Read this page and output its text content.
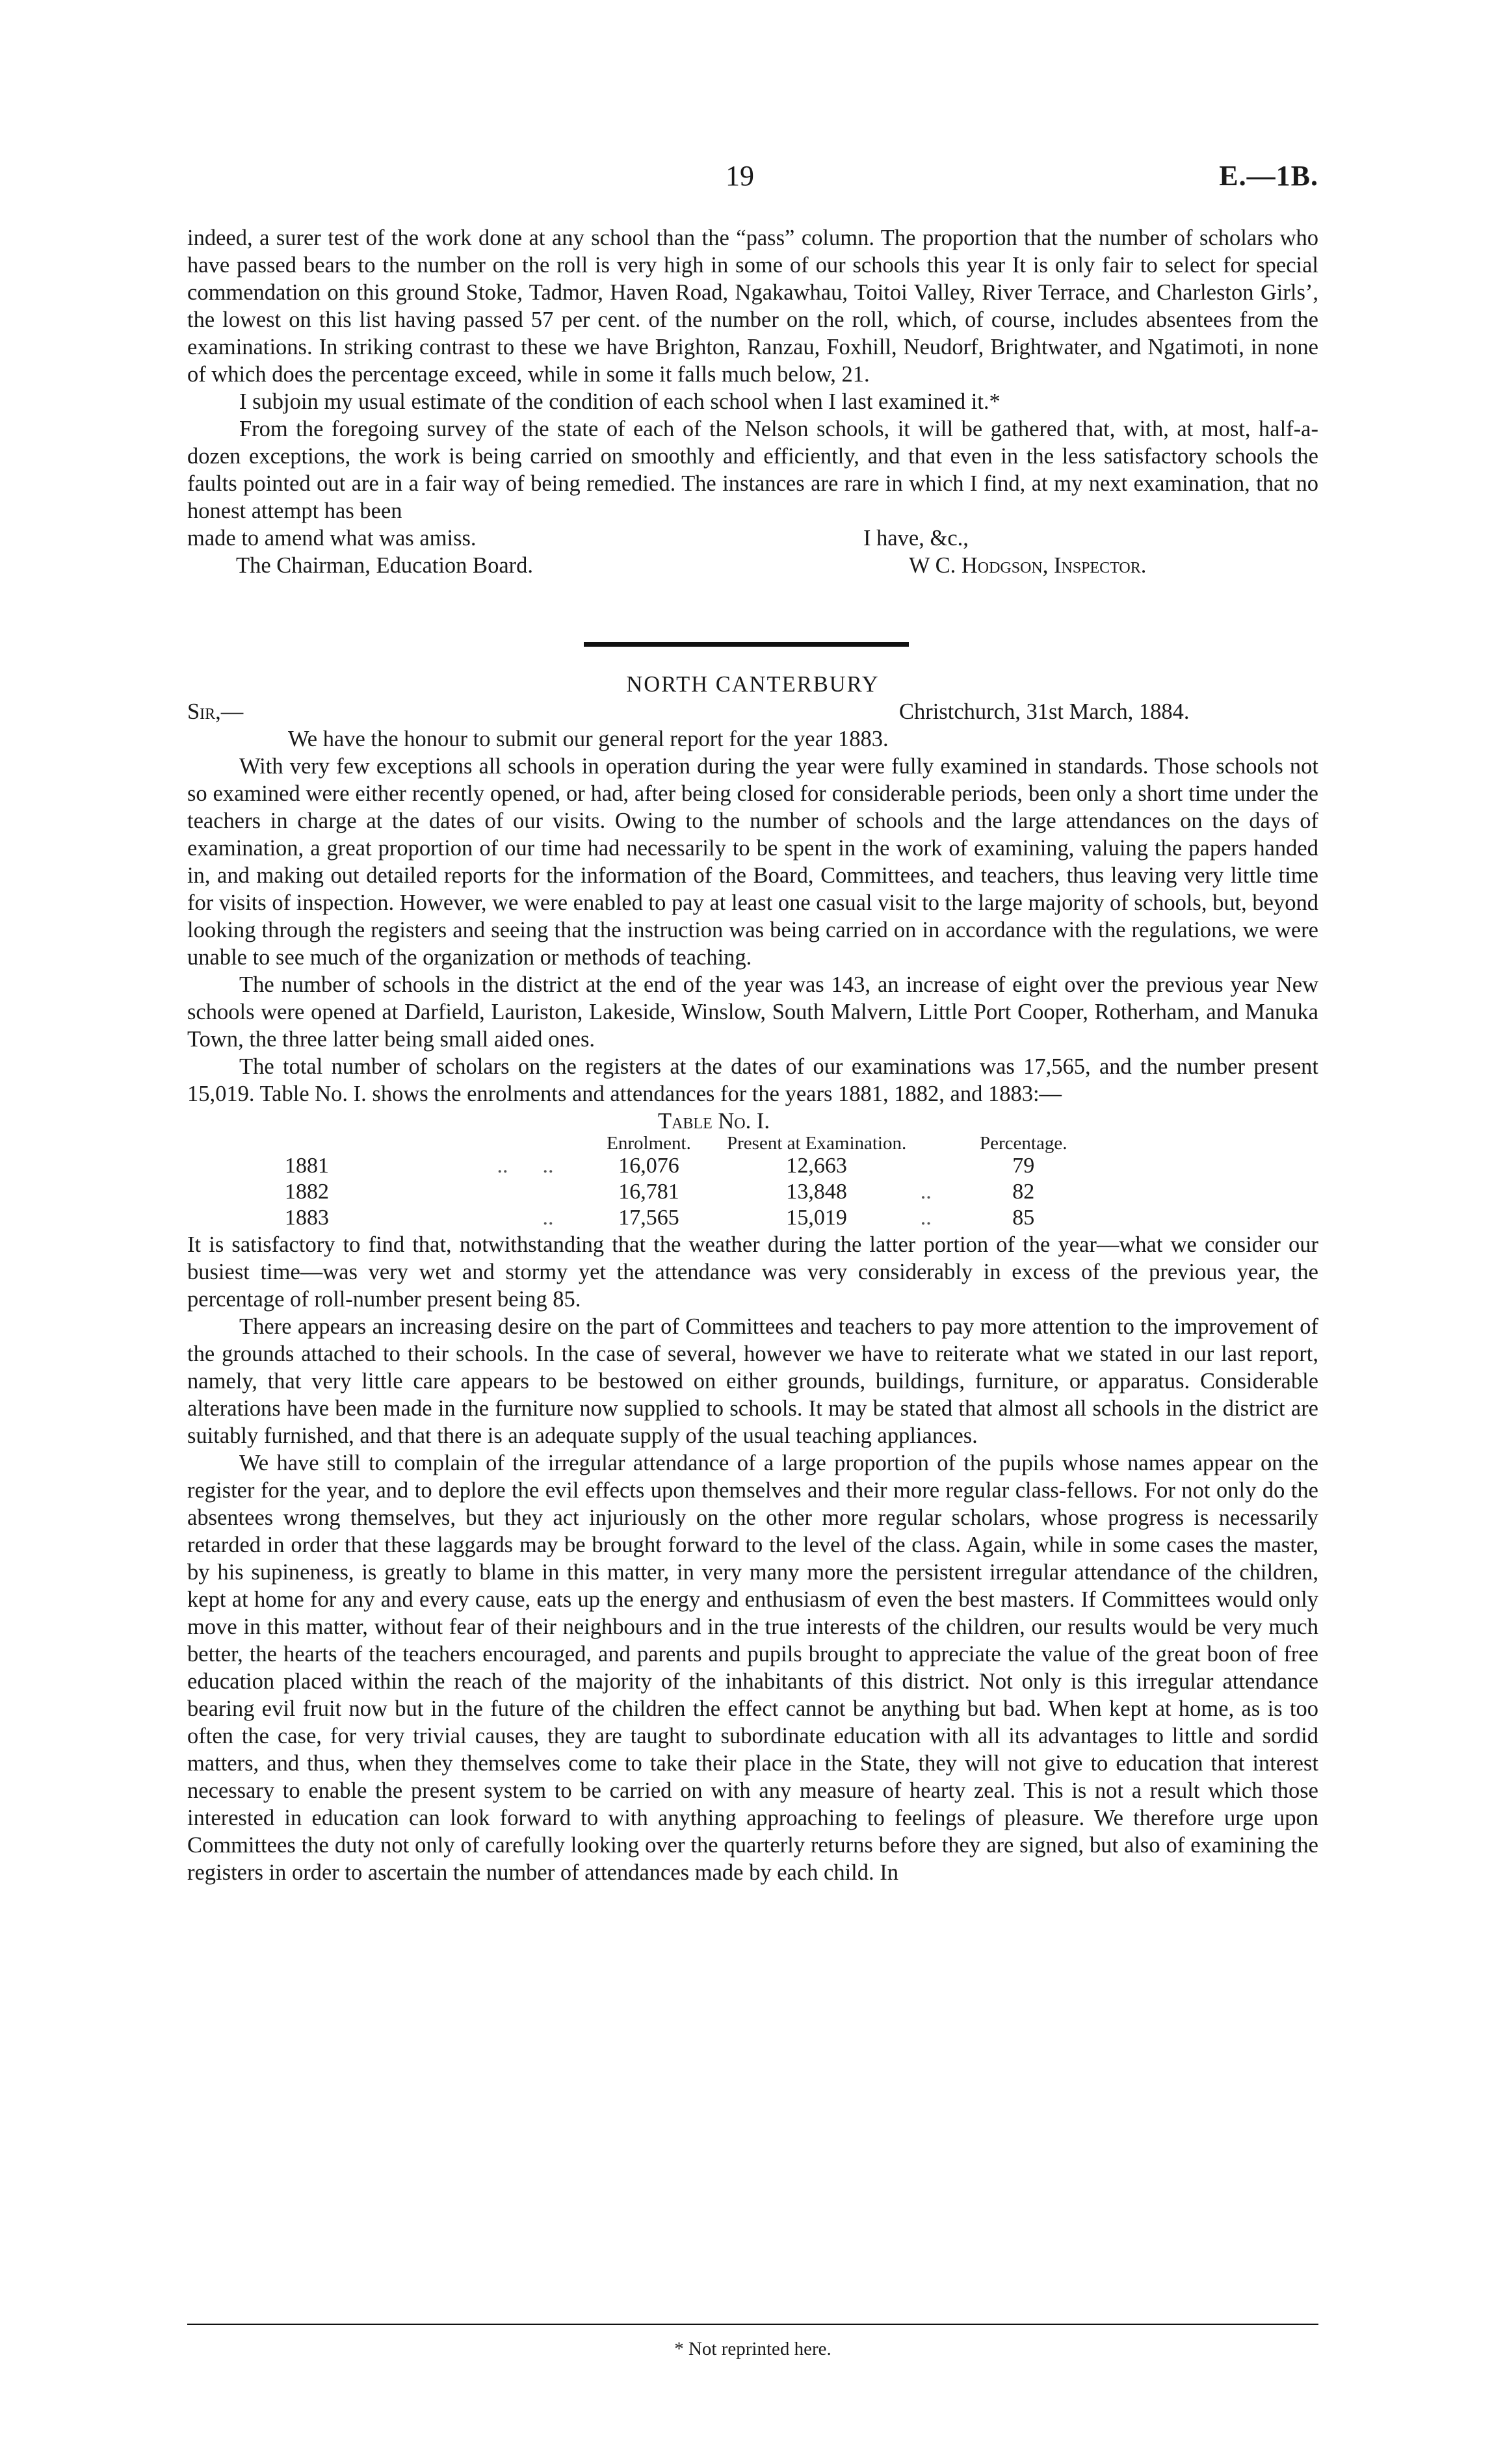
19	E.—1B.

indeed, a surer test of the work done at any school than the “pass” column. The proportion that the number of scholars who have passed bears to the number on the roll is very high in some of our schools this year It is only fair to select for special commendation on this ground Stoke, Tadmor, Haven Road, Ngakawhau, Toitoi Valley, River Terrace, and Charleston Girls’, the lowest on this list having passed 57 per cent. of the number on the roll, which, of course, includes absentees from the examinations. In striking contrast to these we have Brighton, Ranzau, Foxhill, Neudorf, Brightwater, and Ngatimoti, in none of which does the percentage exceed, while in some it falls much below, 21.

I subjoin my usual estimate of the condition of each school when I last examined it.*

From the foregoing survey of the state of each of the Nelson schools, it will be gathered that, with, at most, half-a-dozen exceptions, the work is being carried on smoothly and efficiently, and that even in the less satisfactory schools the faults pointed out are in a fair way of being remedied. The instances are rare in which I find, at my next examination, that no honest attempt has been

made to amend what was amiss.	I have, &c.,
The Chairman, Education Board.	W C. Hodgson, Inspector.
NORTH CANTERBURY
Sir,—	Christchurch, 31st March, 1884.

We have the honour to submit our general report for the year 1883.

With very few exceptions all schools in operation during the year were fully examined in standards. Those schools not so examined were either recently opened, or had, after being closed for considerable periods, been only a short time under the teachers in charge at the dates of our visits. Owing to the number of schools and the large attendances on the days of examination, a great proportion of our time had necessarily to be spent in the work of examining, valuing the papers handed in, and making out detailed reports for the information of the Board, Committees, and teachers, thus leaving very little time for visits of inspection. However, we were enabled to pay at least one casual visit to the large majority of schools, but, beyond looking through the registers and seeing that the instruction was being carried on in accordance with the regulations, we were unable to see much of the organization or methods of teaching.

The number of schools in the district at the end of the year was 143, an increase of eight over the previous year New schools were opened at Darfield, Lauriston, Lakeside, Winslow, South Malvern, Little Port Cooper, Rotherham, and Manuka Town, the three latter being small aided ones.

The total number of scholars on the registers at the dates of our examinations was 17,565, and the number present 15,019. Table No. I. shows the enrolments and attendances for the years 1881, 1882, and 1883:—

Table No. I.
			Enrolment.	Present at Examination.		Percentage.
1881	..	..	16,076	12,663		79
1882			16,781	13,848	..	82
1883		..	17,565	15,019	..	85

It is satisfactory to find that, notwithstanding that the weather during the latter portion of the year—what we consider our busiest time—was very wet and stormy yet the attendance was very considerably in excess of the previous year, the percentage of roll-number present being 85.

There appears an increasing desire on the part of Committees and teachers to pay more attention to the improvement of the grounds attached to their schools. In the case of several, however we have to reiterate what we stated in our last report, namely, that very little care appears to be bestowed on either grounds, buildings, furniture, or apparatus. Considerable alterations have been made in the furniture now supplied to schools. It may be stated that almost all schools in the district are suitably furnished, and that there is an adequate supply of the usual teaching appliances.

We have still to complain of the irregular attendance of a large proportion of the pupils whose names appear on the register for the year, and to deplore the evil effects upon themselves and their more regular class-fellows. For not only do the absentees wrong themselves, but they act injuriously on the other more regular scholars, whose progress is necessarily retarded in order that these laggards may be brought forward to the level of the class. Again, while in some cases the master, by his supineness, is greatly to blame in this matter, in very many more the persistent irregular attendance of the children, kept at home for any and every cause, eats up the energy and enthusiasm of even the best masters. If Committees would only move in this matter, without fear of their neighbours and in the true interests of the children, our results would be very much better, the hearts of the teachers encouraged, and parents and pupils brought to appreciate the value of the great boon of free education placed within the reach of the majority of the inhabitants of this district. Not only is this irregular attendance bearing evil fruit now but in the future of the children the effect cannot be anything but bad. When kept at home, as is too often the case, for very trivial causes, they are taught to subordinate education with all its advantages to little and sordid matters, and thus, when they themselves come to take their place in the State, they will not give to education that interest necessary to enable the present system to be carried on with any measure of hearty zeal. This is not a result which those interested in education can look forward to with anything approaching to feelings of pleasure. We therefore urge upon Committees the duty not only of carefully looking over the quarterly returns before they are signed, but also of examining the registers in order to ascertain the number of attendances made by each child. In

* Not reprinted here.
